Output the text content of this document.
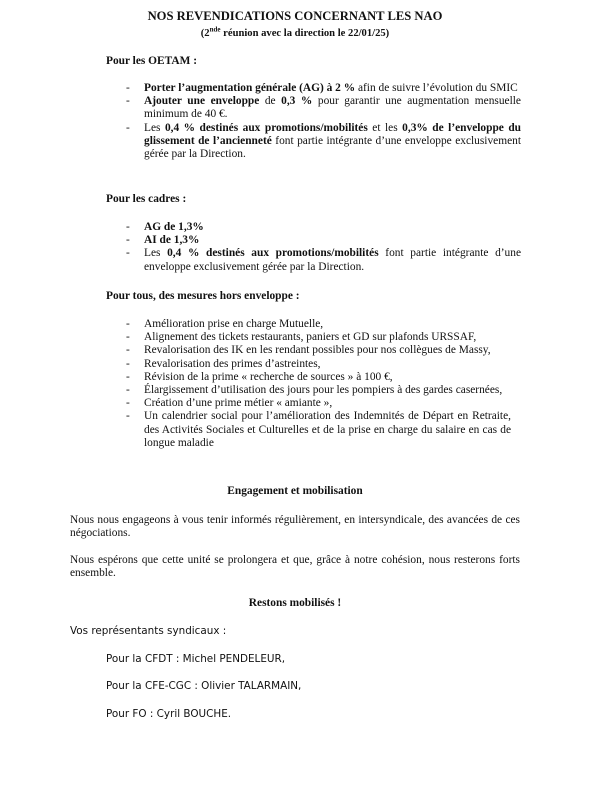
NOS REVENDICATIONS CONCERNANT LES NAO
(2nde réunion avec la direction le 22/01/25)
Pour les OETAM :
- Porter l’augmentation générale (AG) à 2 % afin de suivre l’évolution du SMIC
- Ajouter une enveloppe de 0,3 % pour garantir une augmentation mensuelle minimum de 40 €.
- Les 0,4 % destinés aux promotions/mobilités et les 0,3% de l’enveloppe du glissement de l’ancienneté font partie intégrante d’une enveloppe exclusivement gérée par la Direction.
Pour les cadres :
- AG de 1,3%
- AI de 1,3%
- Les 0,4 % destinés aux promotions/mobilités font partie intégrante d’une enveloppe exclusivement gérée par la Direction.
Pour tous, des mesures hors enveloppe :
- Amélioration prise en charge Mutuelle,
- Alignement des tickets restaurants, paniers et GD sur plafonds URSSAF,
- Revalorisation des IK en les rendant possibles pour nos collègues de Massy,
- Revalorisation des primes d’astreintes,
- Révision de la prime « recherche de sources » à 100 €,
- Élargissement d’utilisation des jours pour les pompiers à des gardes casernées,
- Création d’une prime métier « amiante »,
- Un calendrier social pour l’amélioration des Indemnités de Départ en Retraite, des Activités Sociales et Culturelles et de la prise en charge du salaire en cas de longue maladie
Engagement et mobilisation
Nous nous engageons à vous tenir informés régulièrement, en intersyndicale, des avancées de ces négociations.
Nous espérons que cette unité se prolongera et que, grâce à notre cohésion, nous resterons forts ensemble.
Restons mobilisés !
Vos représentants syndicaux :
Pour la CFDT : Michel PENDELEUR,
Pour la CFE-CGC : Olivier TALARMAIN,
Pour FO : Cyril BOUCHE.
